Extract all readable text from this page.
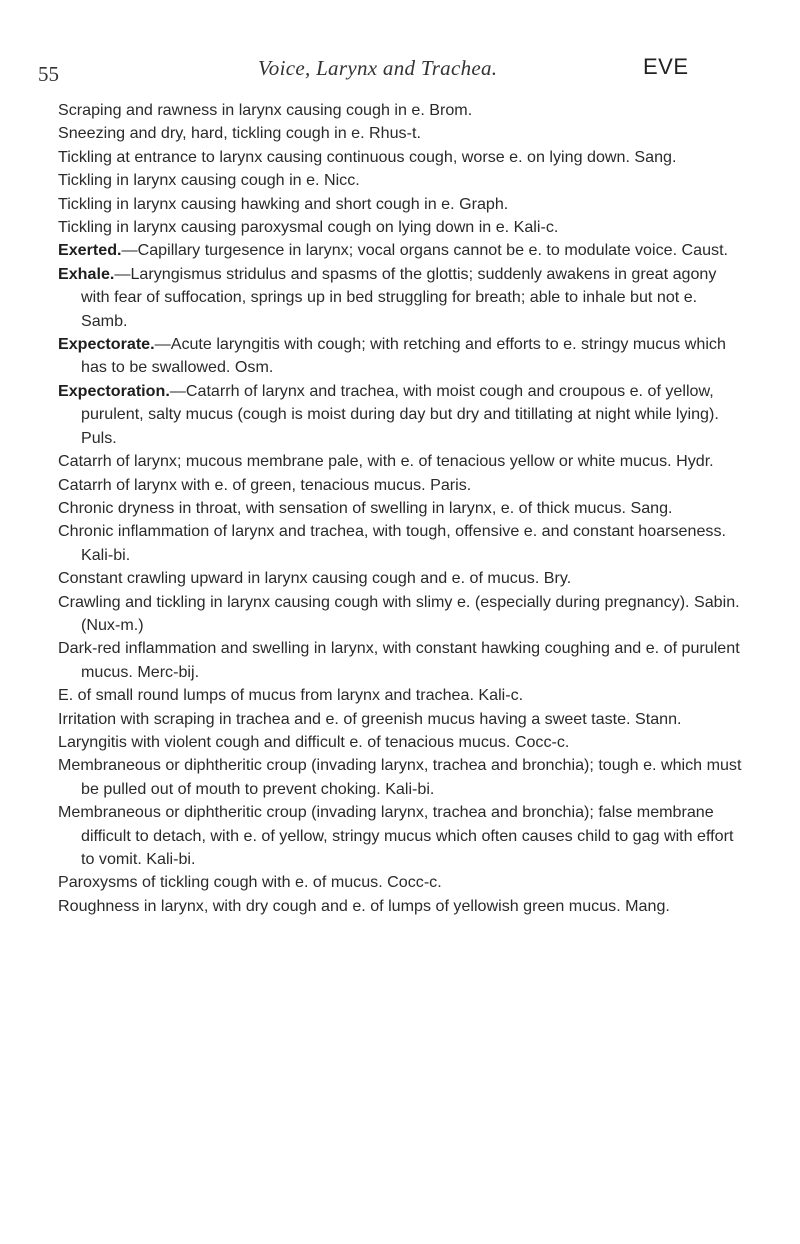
55	Voice, Larynx and Trachea.	EVE

Scraping and rawness in larynx causing cough in e. Brom.

Sneezing and dry, hard, tickling cough in e. Rhus-t.

Tickling at entrance to larynx causing continuous cough, worse e. on lying down. Sang.

Tickling in larynx causing cough in e. Nicc.

Tickling in larynx causing hawking and short cough in e. Graph.

Tickling in larynx causing paroxysmal cough on lying down in e. Kali-c.

Exerted.—Capillary turgesence in larynx; vocal organs cannot be e. to modulate voice. Caust.

Exhale.—Laryngismus stridulus and spasms of the glottis; suddenly awakens in great agony with fear of suffocation, springs up in bed struggling for breath; able to inhale but not e. Samb.

Expectorate.—Acute laryngitis with cough; with retching and efforts to e. stringy mucus which has to be swallowed. Osm.

Expectoration.—Catarrh of larynx and trachea, with moist cough and croupous e. of yellow, purulent, salty mucus (cough is moist during day but dry and titillating at night while lying). Puls.

Catarrh of larynx; mucous membrane pale, with e. of tenacious yellow or white mucus. Hydr.

Catarrh of larynx with e. of green, tenacious mucus. Paris.

Chronic dryness in throat, with sensation of swelling in larynx, e. of thick mucus. Sang.

Chronic inflammation of larynx and trachea, with tough, offensive e. and constant hoarseness. Kali-bi.

Constant crawling upward in larynx causing cough and e. of mucus. Bry.

Crawling and tickling in larynx causing cough with slimy e. (especially during pregnancy). Sabin. (Nux-m.)

Dark-red inflammation and swelling in larynx, with constant hawking coughing and e. of purulent mucus. Merc-bij.

E. of small round lumps of mucus from larynx and trachea. Kali-c.

Irritation with scraping in trachea and e. of greenish mucus having a sweet taste. Stann.

Laryngitis with violent cough and difficult e. of tenacious mucus. Cocc-c.

Membraneous or diphtheritic croup (invading larynx, trachea and bronchia); tough e. which must be pulled out of mouth to prevent choking. Kali-bi.

Membraneous or diphtheritic croup (invading larynx, trachea and bronchia); false membrane difficult to detach, with e. of yellow, stringy mucus which often causes child to gag with effort to vomit. Kali-bi.

Paroxysms of tickling cough with e. of mucus. Cocc-c.

Roughness in larynx, with dry cough and e. of lumps of yellowish green mucus. Mang.
